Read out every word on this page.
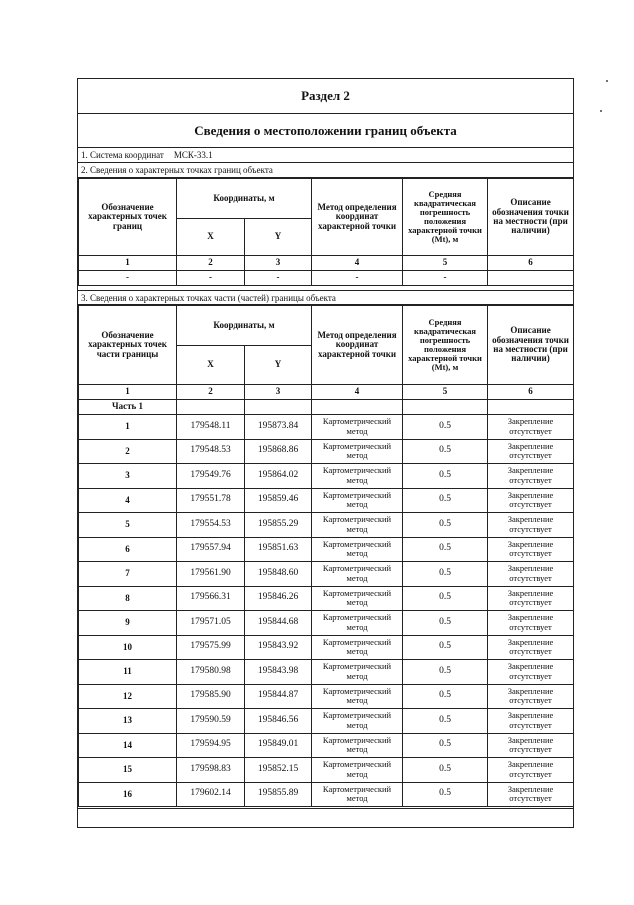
Раздел 2
Сведения о местоположении границ объекта
1. Система координат МСК-33.1
2. Сведения о характерных точках границ объекта
Обозначение характерных точек границ	Координаты, м		Метод определения координат характерной точки	Средняя квадратическая погрешность положения характерной точки (Mt), м	Описание обозначения точки на местности (при наличии)
	X	Y			
1	2	3	4	5	6
-	-	-	-	-	
3. Сведения о характерных точках части (частей) границы объекта
Обозначение характерных точек части границы	Координаты, м		Метод определения координат характерной точки	Средняя квадратическая погрешность положения характерной точки (Mt), м	Описание обозначения точки на местности (при наличии)
	X	Y			
1	2	3	4	5	6
Часть 1					
1	179548.11	195873.84	Картометрический метод	0.5	Закрепление отсутствует
2	179548.53	195868.86	Картометрический метод	0.5	Закрепление отсутствует
3	179549.76	195864.02	Картометрический метод	0.5	Закрепление отсутствует
4	179551.78	195859.46	Картометрический метод	0.5	Закрепление отсутствует
5	179554.53	195855.29	Картометрический метод	0.5	Закрепление отсутствует
6	179557.94	195851.63	Картометрический метод	0.5	Закрепление отсутствует
7	179561.90	195848.60	Картометрический метод	0.5	Закрепление отсутствует
8	179566.31	195846.26	Картометрический метод	0.5	Закрепление отсутствует
9	179571.05	195844.68	Картометрический метод	0.5	Закрепление отсутствует
10	179575.99	195843.92	Картометрический метод	0.5	Закрепление отсутствует
11	179580.98	195843.98	Картометрический метод	0.5	Закрепление отсутствует
12	179585.90	195844.87	Картометрический метод	0.5	Закрепление отсутствует
13	179590.59	195846.56	Картометрический метод	0.5	Закрепление отсутствует
14	179594.95	195849.01	Картометрический метод	0.5	Закрепление отсутствует
15	179598.83	195852.15	Картометрический метод	0.5	Закрепление отсутствует
16	179602.14	195855.89	Картометрический метод	0.5	Закрепление отсутствует
